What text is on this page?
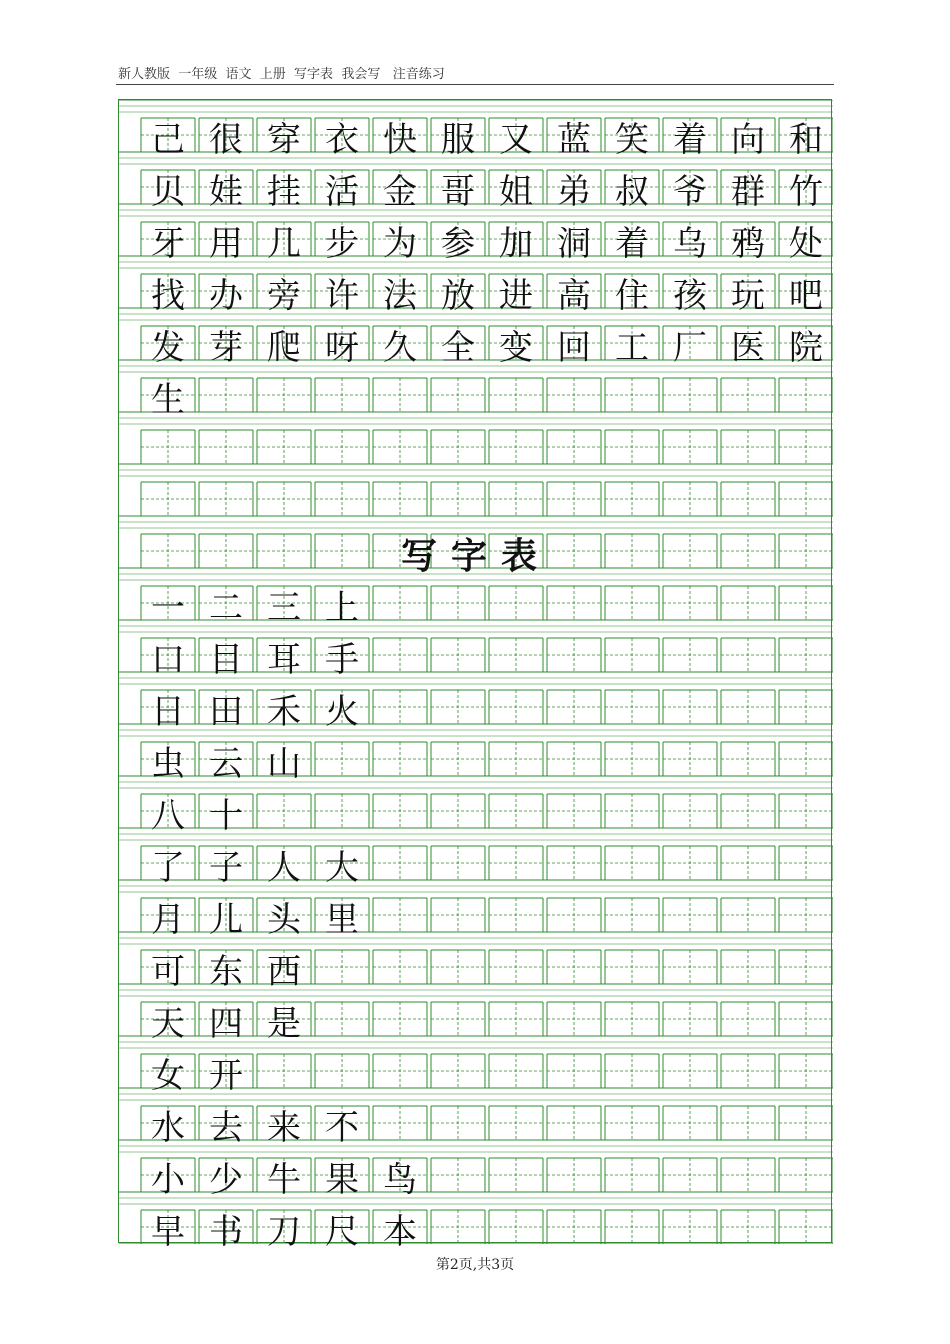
新人教版  一年级  语文  上册  写字表  我会写   注音练习
己 很 穿 衣 快 服 又 蓝 笑 着 向 和
贝 娃 挂 活 金 哥 姐 弟 叔 爷 群 竹
牙 用 几 步 为 参 加 洞 着 乌 鸦 处
找 办 旁 许 法 放 进 高 住 孩 玩 吧
发 芽 爬 呀 久 全 变 回 工 厂 医 院
生
一 二 三 上
口 目 耳 手
日 田 禾 火
虫 云 山
八 十
了 子 人 大
月 儿 头 里
可 东 西
天 四 是
女 开
水 去 来 不
小 少 牛 果 鸟
早 书 刀 尺 本
写字表
第2页,共3页
